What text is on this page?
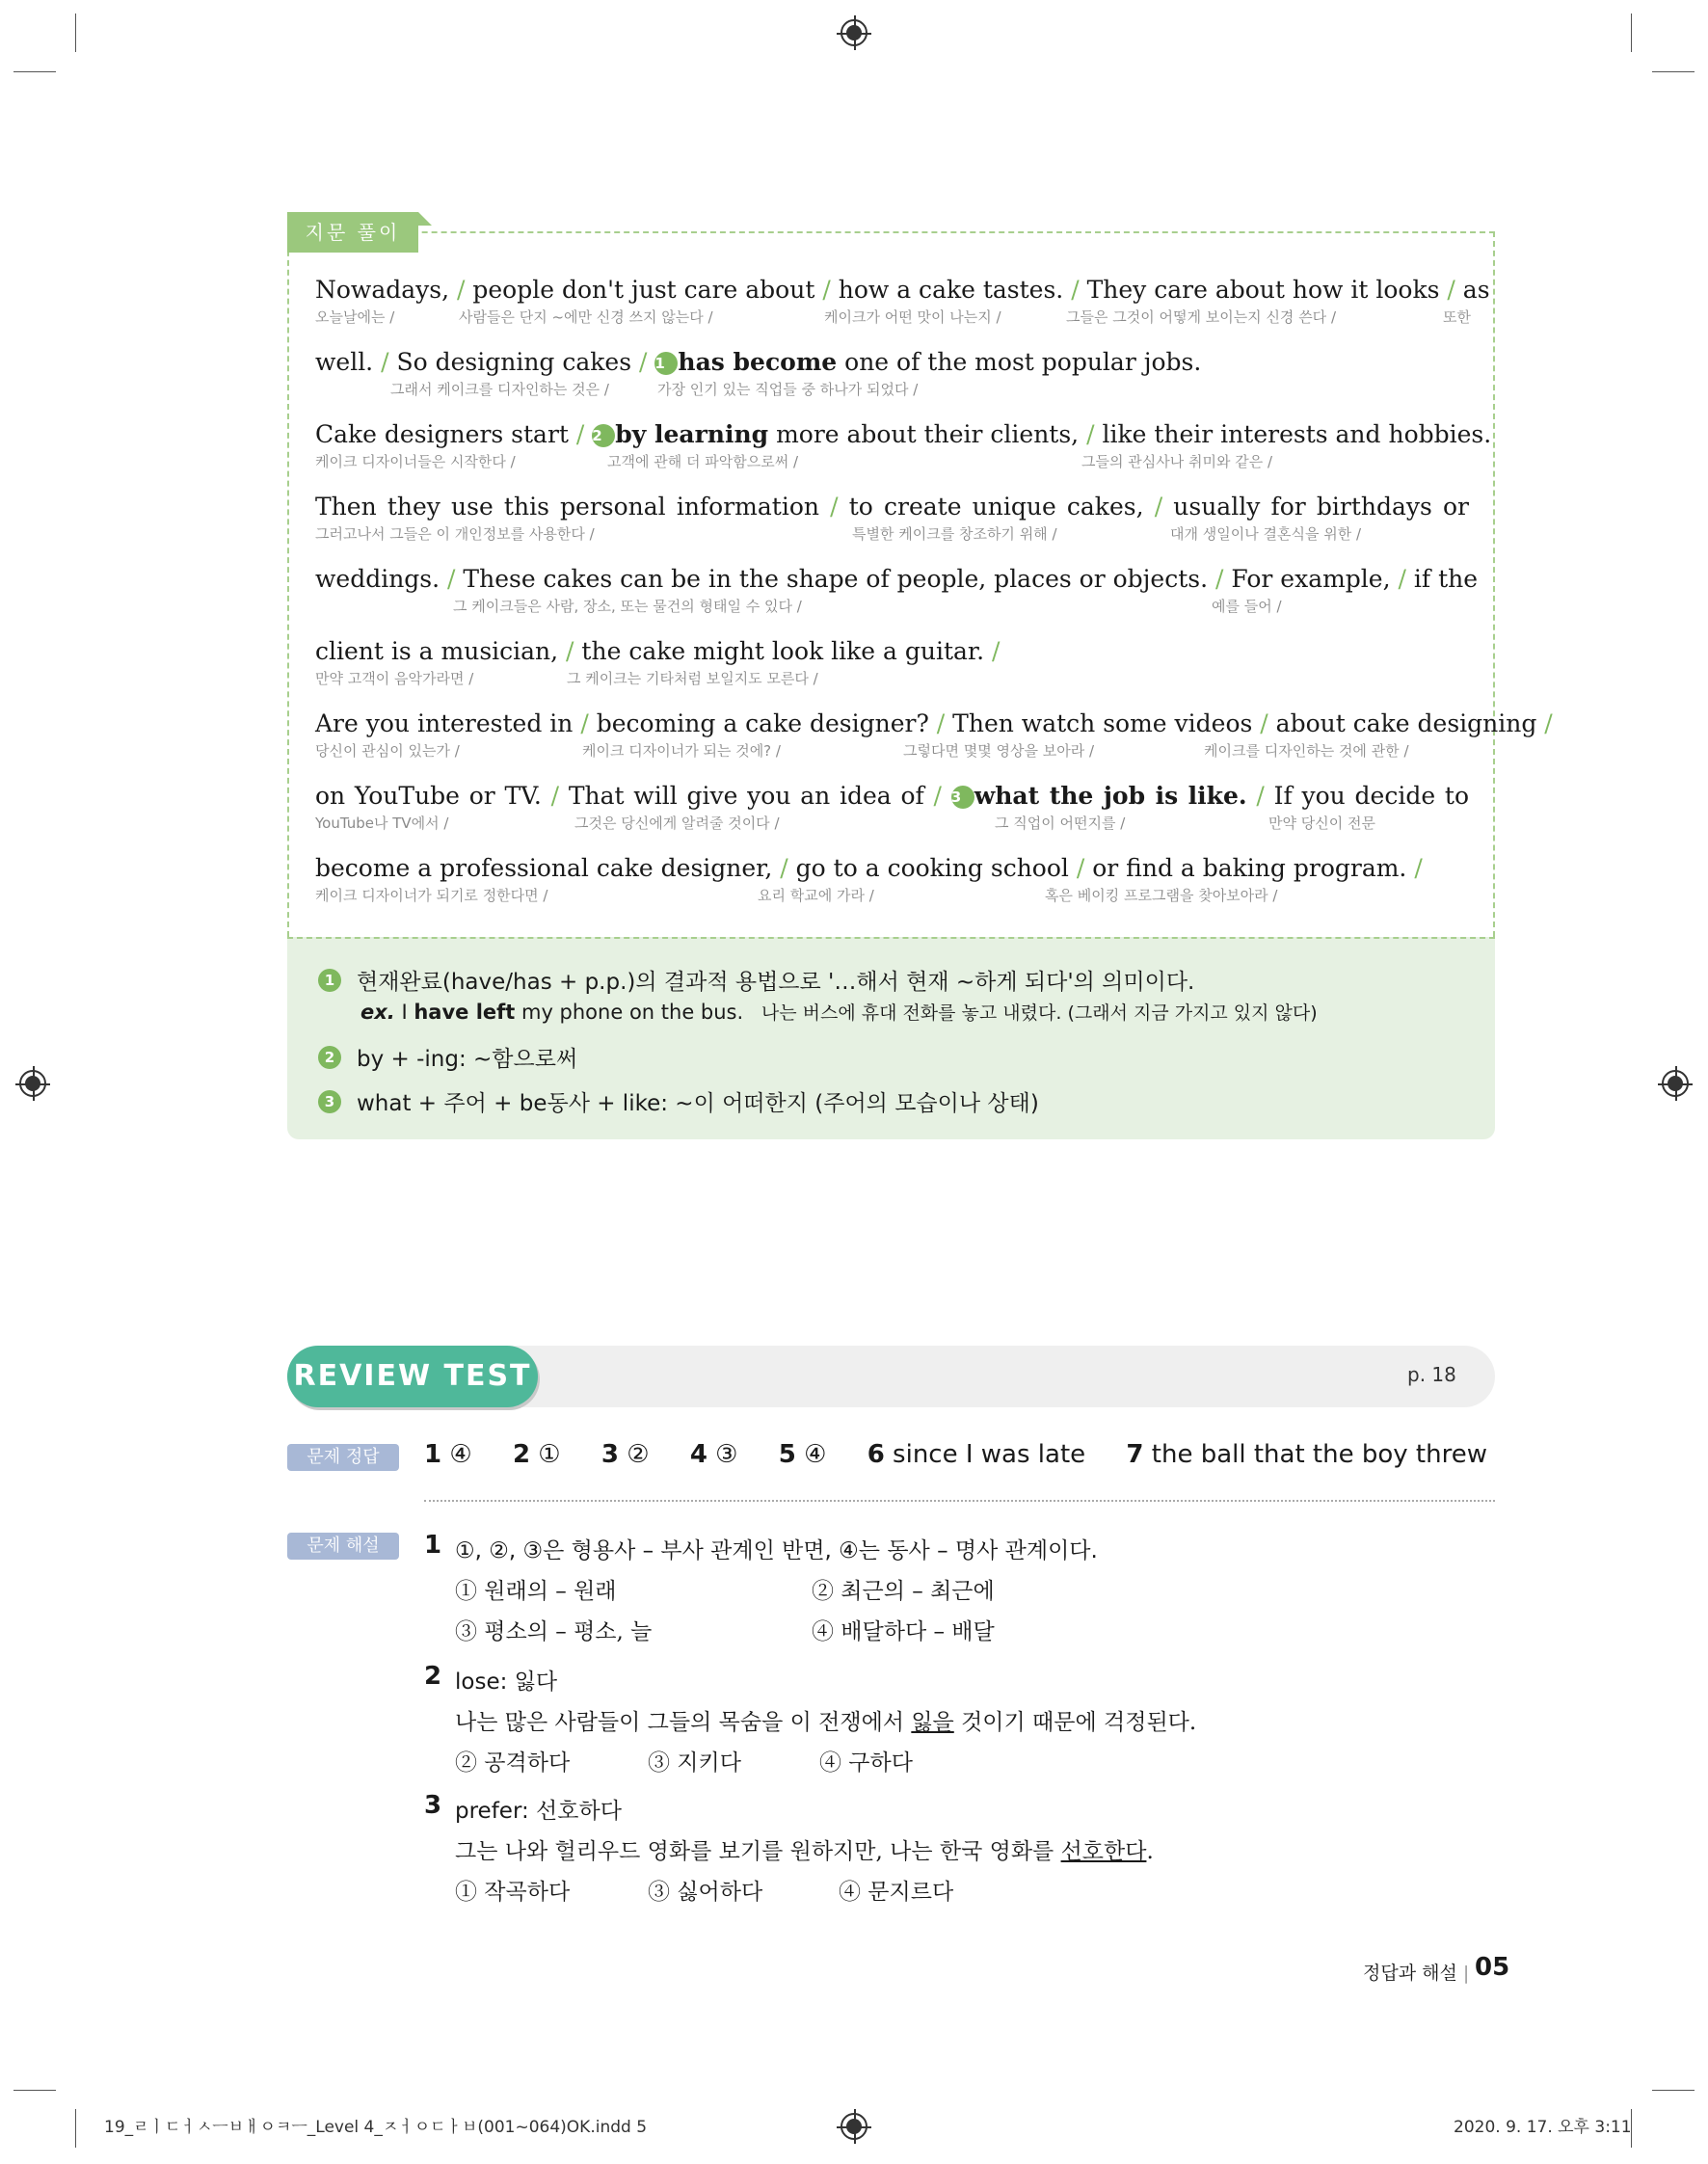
지문 풀이
Nowadays, / people don't just care about / how a cake tastes. / They care about how it looks / as
오늘날에는 /	사람들은 단지 ~에만 신경 쓰지 않는다 /	케이크가 어떤 맛이 나는지 /	그들은 그것이 어떻게 보이는지 신경 쓴다 /	또한
well. / So designing cakes / 1 has become one of the most popular jobs.
그래서 케이크를 디자인하는 것은 /	가장 인기 있는 직업들 중 하나가 되었다 /
Cake designers start / 2 by learning more about their clients, / like their interests and hobbies.
케이크 디자이너들은 시작한다 /	고객에 관해 더 파악함으로써 /	그들의 관심사나 취미와 같은 /
Then they use this personal information / to create unique cakes, / usually for birthdays or
그러고나서 그들은 이 개인정보를 사용한다 /	특별한 케이크를 창조하기 위해 /	대개 생일이나 결혼식을 위한 /
weddings. / These cakes can be in the shape of people, places or objects. / For example, / if the
그 케이크들은 사람, 장소, 또는 물건의 형태일 수 있다 /	예를 들어 /
client is a musician, / the cake might look like a guitar. /
만약 고객이 음악가라면 /	그 케이크는 기타처럼 보일지도 모른다 /
Are you interested in / becoming a cake designer? / Then watch some videos / about cake designing /
당신이 관심이 있는가 /	케이크 디자이너가 되는 것에? /	그렇다면 몇몇 영상을 보아라 /	케이크를 디자인하는 것에 관한 /
on YouTube or TV. / That will give you an idea of / 3 what the job is like. / If you decide to
YouTube나 TV에서 /	그것은 당신에게 알려줄 것이다 /	그 직업이 어떤지를 /	만약 당신이 전문
become a professional cake designer, / go to a cooking school / or find a baking program. /
케이크 디자이너가 되기로 정한다면 /	요리 학교에 가라 /	혹은 베이킹 프로그램을 찾아보아라 /
1 현재완료(have/has + p.p.)의 결과적 용법으로 '…해서 현재 ~하게 되다'의 의미이다.
ex. I have left my phone on the bus. 나는 버스에 휴대 전화를 놓고 내렸다. (그래서 지금 가지고 있지 않다)
2 by + -ing: ~함으로써
3 what + 주어 + be동사 + like: ~이 어떠한지 (주어의 모습이나 상태)
REVIEW TEST	p. 18
문제 정답	1 ④ 2 ① 3 ② 4 ③ 5 ④ 6 since I was late 7 the ball that the boy threw
문제 해설	1 ①, ②, ③은 형용사 – 부사 관계인 반면, ④는 동사 – 명사 관계이다.
① 원래의 – 원래	② 최근의 – 최근에
③ 평소의 – 평소, 늘	④ 배달하다 – 배달
2 lose: 잃다
나는 많은 사람들이 그들의 목숨을 이 전쟁에서 잃을 것이기 때문에 걱정된다.
② 공격하다	③ 지키다	④ 구하다
3 prefer: 선호하다
그는 나와 헐리우드 영화를 보기를 원하지만, 나는 한국 영화를 선호한다.
① 작곡하다	③ 싫어하다	④ 문지르다
정답과 해설 | 05
19_ㄹㅣㄷㅓㅅㅡㅂㅐㅇㅋㅡ_Level 4_ㅈㅓㅇㄷㅏㅂ(001~064)OK.indd 5	2020. 9. 17. 오후 3:11
